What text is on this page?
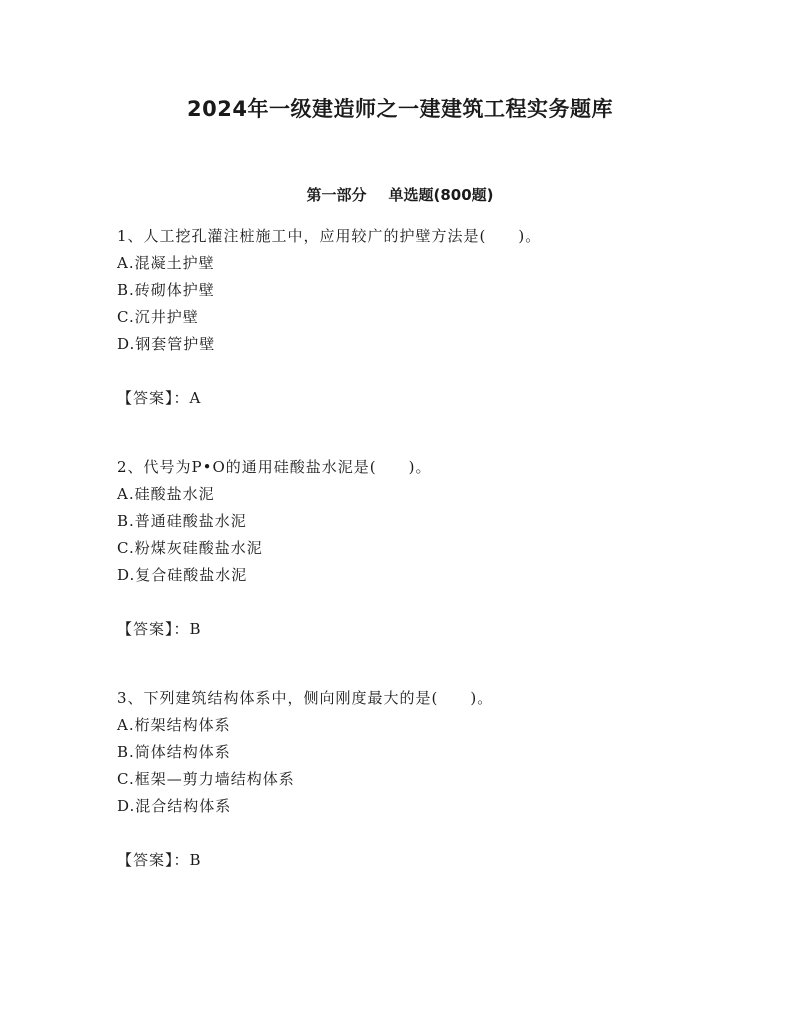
2024年一级建造师之一建建筑工程实务题库
第一部分 单选题(800题)
1、人工挖孔灌注桩施工中，应用较广的护壁方法是(　　)。
A.混凝土护壁
B.砖砌体护壁
C.沉井护壁
D.钢套管护壁
【答案】：A
2、代号为P•O的通用硅酸盐水泥是(　　)。
A.硅酸盐水泥
B.普通硅酸盐水泥
C.粉煤灰硅酸盐水泥
D.复合硅酸盐水泥
【答案】：B
3、下列建筑结构体系中，侧向刚度最大的是(　　)。
A.桁架结构体系
B.筒体结构体系
C.框架—剪力墙结构体系
D.混合结构体系
【答案】：B
